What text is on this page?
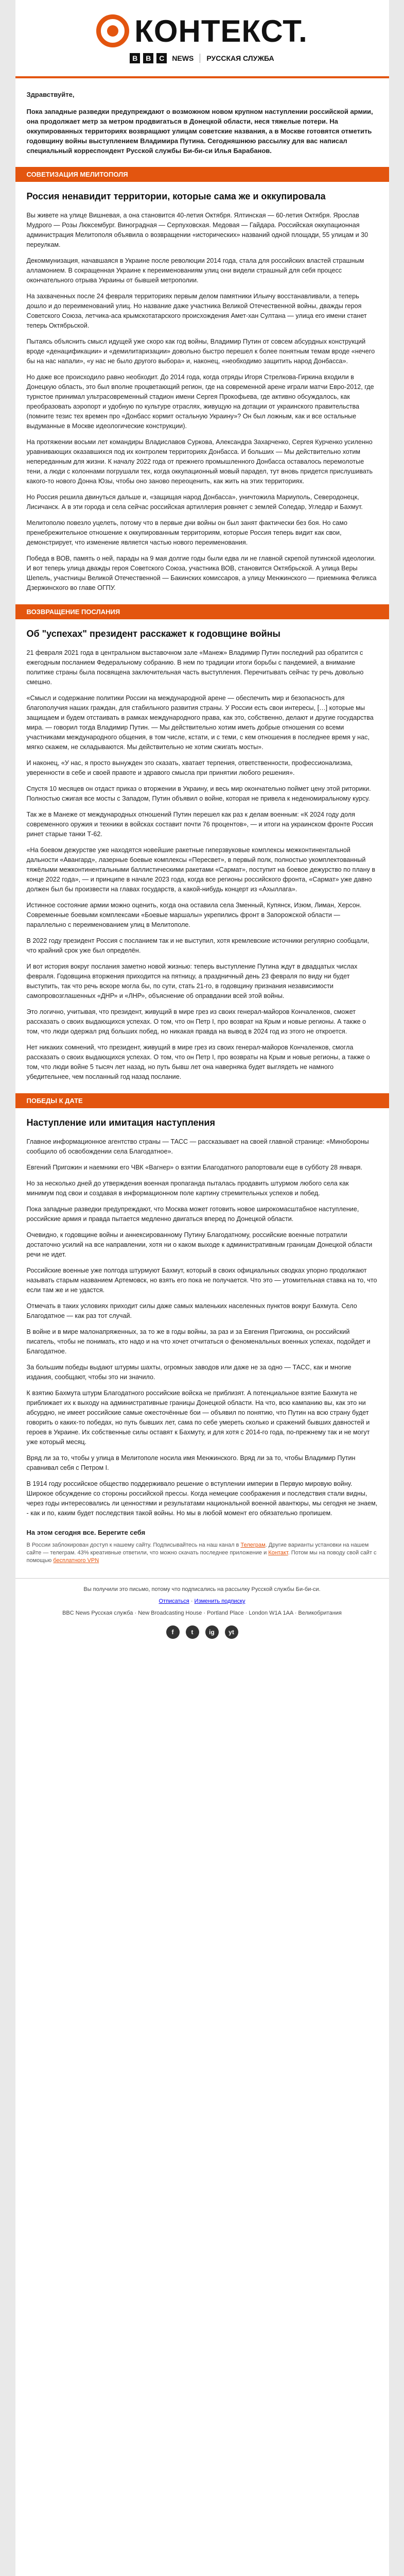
КОНТЕКСТ.
B	B	C	NEWS РУССКАЯ СЛУЖБА

Здравствуйте,

Пока западные разведки предупреждают о возможном новом крупном наступлении российской армии, она продолжает метр за метром продвигаться в Донецкой области, неся тяжелые потери. На оккупированных территориях возвращают улицам советские названия, а в Москве готовятся отметить годовщину войны выступлением Владимира Путина. Сегодняшнюю рассылку для вас написал специальный корреспондент Русской службы Би-би-си Илья Барабанов.

СОВЕТИЗАЦИЯ МЕЛИТОПОЛЯ
Россия ненавидит территории, которые сама же и оккупировала

Вы живете на улице Вишневая, а она становится 40-летия Октября. Ялтинская — 60-летия Октября. Ярослав Мудрого — Розы Люксембург. Виноградная — Серпуховская. Медовая — Гайдара. Российская оккупационная администрация Мелитополя объявила о возвращении «исторических» названий одной площади, 55 улицам и 30 переулкам.

Декоммунизация, начавшаяся в Украине после революции 2014 года, стала для российских властей страшным алламонием. В сокращенная Украине к переименованиям улиц они видели страшный для себя процесс окончательного отрыва Украины от бывшей метрополии.

На захваченных после 24 февраля территориях первым делом памятники Ильичу восстанавливали, а теперь дошло и до переименований улиц. Но название даже участника Великой Отечественной войны, дважды героя Советского Союза, летчика-аса крымскотатарского происхождения Амет-хан Султана — улица его имени станет теперь Октябрьской.

Пытаясь объяснить смысл идущей уже скоро как год войны, Владимир Путин от совсем абсурдных конструкций вроде «денацификации» и «демилитаризации» довольно быстро перешел к более понятным темам вроде «нечего бы на нас напали», «у нас не было другого выбора» и, наконец, «необходимо защитить народ Донбасса».

Но даже все происходило равно необходит. До 2014 года, когда отряды Игоря Стрелкова-Гиркина входили в Донецкую область, это был вполне процветающий регион, где на современной арене играли матчи Евро-2012, где турнстое принимал ультрасовременный стадион имени Сергея Прокофьева, где активно обсуждалось, как преобразовать аэропорт и удобную по культуре отраслях, живущую на дотации от украинского правительства (помните тезис тех времен про «Донбасс кормит остальную Украину»? Он был ложным, как и все остальные выдуманные в Москве идеологические конструкции).

На протяжении восьми лет командиры Владиславов Суркова, Александра Захарченко, Сергея Курченко усиленно уравнивающих оказавшихся под их контролем территориях Донбасса. И больших — Мы действительно хотим непереданным для жизни. К началу 2022 года от прежнего промышленного Донбасса оставалось перемолотые тени, а люди с колоннами погрушали тех, когда оккупационный мовый парадел, тут вновь придется прислушивать какого-то нового Донна Юзы, чтобы оно заново переоценить, как жить на этих территориях.

Но Россия решила двинуться дальше и, «защищая народ Донбасса», уничтожила Мариуполь, Северодонецк, Лисичанск. А в эти города и села сейчас российская артиллерия ровняет с землей Соледар, Угледар и Бахмут.

Мелитополю повезло уцелеть, потому что в первые дни войны он был занят фактически без боя. Но само пренебрежительное отношение к оккупированным территориям, которые Россия теперь видит как свои, демонстрирует, что изменение является частью нового переименования.

Победа в ВОВ, память о ней, парады на 9 мая долгие годы были едва ли не главной скрепой путинской идеологии. И вот теперь улица дважды героя Советского Союза, участника ВОВ, становится Октябрьской. А улица Веры Шепель, участницы Великой Отечественной — Бакинских комиссаров, а улицу Менжинского — приемника Феликса Дзержинского во главе ОГПУ.

ВОЗВРАЩЕНИЕ ПОСЛАНИЯ
Об "успехах" президент расскажет к годовщине войны

21 февраля 2021 года в центральном выставочном зале «Манеж» Владимир Путин последний раз обратится с ежегодным посланием Федеральному собранию. В нем по традиции итоги борьбы с пандемией, а внимание политике страны была посвящена заключительная часть выступления. Перечитывать сейчас ту речь довольно смешно.

«Смысл и содержание политики России на международной арене — обеспечить мир и безопасность для благополучия наших граждан, для стабильного развития страны. У России есть свои интересы, […] которые мы защищаем и будем отстаивать в рамках международного права, как это, собственно, делают и другие государства мира. — говорил тогда Владимир Путин. — Мы действительно хотим иметь добрые отношения со всеми участниками международного общения, в том числе, кстати, и с теми, с кем отношения в последнее время у нас, мягко скажем, не складываются. Мы действительно не хотим сжигать мосты».

И наконец, «У нас, я просто вынужден это сказать, хватает терпения, ответственности, профессионализма, уверенности в себе и своей правоте и здравого смысла при принятии любого решения».

Спустя 10 месяцев он отдаст приказ о вторжении в Украину, и весь мир окончательно поймет цену этой риторики. Полностью сжигая все мосты с Западом, Путин объявил о войне, которая не привела к неденомиральному курсу.

Так же в Манеже от международных отношений Путин перешел как раз к делам военным: «К 2024 году доля современного оружия и техники в войсках составит почти 76 процентов», — и итоги на украинском фронте Россия ринет старые танки Т-62.

«На боевом дежурстве уже находятся новейшие ракетные гиперзвуковые комплексы межконтинентальной дальности «Авангард», лазерные боевые комплексы «Пересвет», в первый полк, полностью укомплектованный тяжёлыми межконтинентальными баллистическими ракетами «Сармат», поступит на боевое дежурство по плану в конце 2022 года», — и принципе в начале 2023 года, когда все регионы российского фронта, «Сармат» уже давно должен был бы произвести на главах государств, а какой-нибудь концерт из «Ахыллага».

Истинное состояние армии можно оценить, когда она оставила села Зменный, Купянск, Изюм, Лиман, Херсон. Современные боевыми комплексами «Боевые маршалы» укрепились фронт в Запорожской области — параллельно с переименованием улиц в Мелитополе.

В 2022 году президент Россия с посланием так и не выступил, хотя кремлевские источники регулярно сообщали, что крайний срок уже был определён.

И вот история вокруг послания заметно новой жизнью: теперь выступление Путина ждут в двадцатых числах февраля. Годовщина вторжения приходится на пятницу, а праздничный день 23 февраля по виду ни будет выступить, так что речь вскоре могла бы, по сути, стать 21-го, в годовщину признания независимости самопровозглашенных «ДНР» и «ЛНР», объяснение об оправдании всей этой войны.

Это логично, учитывая, что президент, живущий в мире грез из своих генерал-майоров Кончаленков, сможет рассказать о своих выдающихся успехах. О том, что он Петр I, про возврат на Крым и новые регионы. А также о том, что люди одержал ряд больших побед, но никакая правда на вывод в 2024 год из этого не откроется.

Нет никаких сомнений, что президент, живущий в мире грез из своих генерал-майоров Кончаленков, смогла рассказать о своих выдающихся успехах. О том, что он Петр I, про возвраты на Крым и новые регионы, а также о том, что люди войне 5 тысяч лет назад, но путь бывш лет она наверняка будет выглядеть не намного убедительнее, чем посланный год назад послание.

ПОБЕДЫ К ДАТЕ
Наступление или имитация наступления

Главное информационное агентство страны — ТАСС — рассказывает на своей главной странице: «Минобороны сообщило об освобождении села Благодатное».

Евгений Пригожин и наемники его ЧВК «Вагнер» о взятии Благодатного рапортовали еще в субботу 28 января.

Но за несколько дней до утверждения военная пропаганда пыталась продавить штурмом любого села как минимум под свои и создавая в информационном поле картину стремительных успехов и побед.

Пока западные разведки предупреждают, что Москва может готовить новое широкомасштабное наступление, российские армия и правда пытается медленно двигаться вперед по Донецкой области.

Очевидно, к годовщине войны и аннексированному Путину Благодатному, российские военные потратили достаточно усилий на все направлении, хотя ни о каком выходе к административным границам Донецкой области речи не идет.

Российские военные уже полгода штурмуют Бахмут, который в своих официальных сводках упорно продолжают называть старым названием Артемовск, но взять его пока не получается. Что это — утомительная ставка на то, что если там же и не удастся.

Отмечать в таких условиях приходит силы даже самых маленьких населенных пунктов вокруг Бахмута. Село Благодатное — как раз тот случай.

В войне и в мире малонапряженных, за то же в годы войны, за раз и за Евгения Пригожина, он российский писатель, чтобы не понимать, кто надо и на что хочет отчитаться о феноменальных военных успехах, подойдет и Благодатное.

За большим победы выдают штурмы шахты, огромных заводов или даже не за одно — ТАСС, как и многие издания, сообщают, чтобы это ни значило.

К взятию Бахмута штурм Благодатного российские войска не приблизят. А потенциальное взятие Бахмута не приближает их к выходу на административные границы Донецкой области. На что, всю кампанию вы, как это ни абсурдно, не имеет российские самые ожесточённые бои — объявил по понятию, что Путин на всю страну будет говорить о каких-то победах, но путь бывших лет, сама по себе умереть сколько и сражений бывших давностей и героев в Украине. Их собственные силы оставят к Бахмуту, и для хотя с 2014-го года, по-прежнему так и не могут уже который месяц.

Вряд ли за то, чтобы у улица в Мелитополе носила имя Менжинского. Вряд ли за то, чтобы Владимир Путин сравнивал себя с Петром I.

В 1914 году российское общество поддерживало решение о вступлении империи в Первую мировую войну. Широкое обсуждение со стороны российской прессы. Когда немецкие соображения и последствия стали видны, через годы интересовались ли ценностями и результатами национальной военной авантюры, мы сегодня не знаем, - как и по, каким будет последствия такой войны. Но мы в любой момент его обязательно пропишем.

На этом сегодня все. Берегите себя

В России заблокирован доступ к нашему сайту. Подписывайтесь на наш канал в Телеграм. Другие варианты установки на нашем сайте — телеграм. 43% креативные ответили, что можно скачать последнее приложение и Контакт. Потом мы на поводу свой сайт с помощью бесплатного VPN

Вы получили это письмо, потому что подписались на рассылку Русской службы Би-би-си.

Отписаться · Изменить подписку

BBC News Русская служба · New Broadcasting House · Portland Place · London W1A 1AA · Великобритания

f	t	ig	yt
